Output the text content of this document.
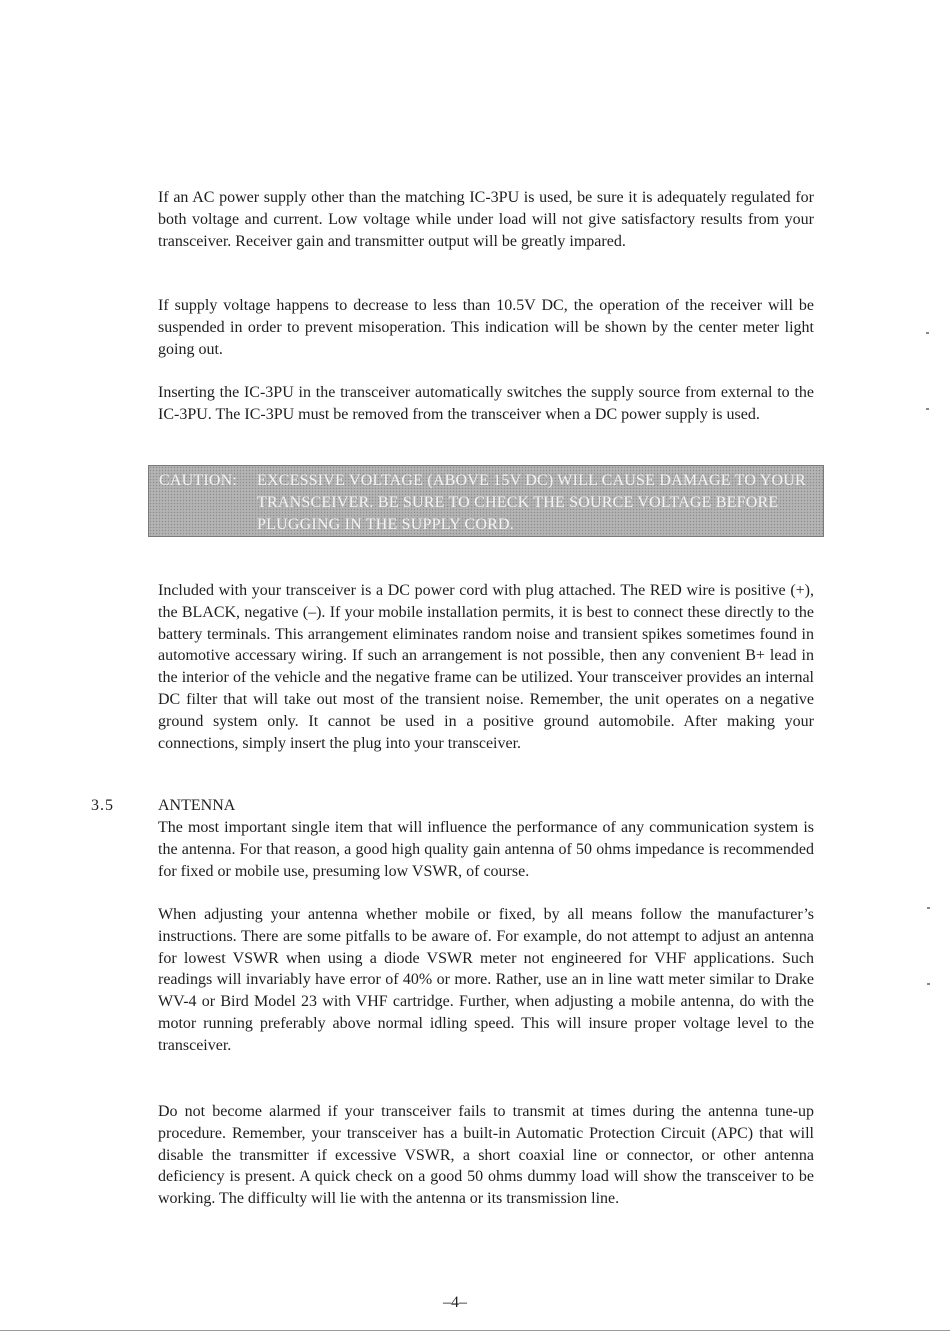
If an AC power supply other than the matching IC-3PU is used, be sure it is adequately regulated for both voltage and current. Low voltage while under load will not give satisfactory results from your transceiver. Receiver gain and transmitter output will be greatly impared.

If supply voltage happens to decrease to less than 10.5V DC, the operation of the receiver will be suspended in order to prevent misoperation. This indication will be shown by the center meter light going out.

Inserting the IC-3PU in the transceiver automatically switches the supply source from external to the IC-3PU. The IC-3PU must be removed from the transceiver when a DC power supply is used.

CAUTION: EXCESSIVE VOLTAGE (ABOVE 15V DC) WILL CAUSE DAMAGE TO YOUR TRANSCEIVER. BE SURE TO CHECK THE SOURCE VOLTAGE BEFORE PLUGGING IN THE SUPPLY CORD.

Included with your transceiver is a DC power cord with plug attached. The RED wire is positive (+), the BLACK, negative (–). If your mobile installation permits, it is best to connect these directly to the battery terminals. This arrangement eliminates random noise and transient spikes sometimes found in automotive accessary wiring. If such an arrangement is not possible, then any convenient B+ lead in the interior of the vehicle and the negative frame can be utilized. Your transceiver provides an internal DC filter that will take out most of the transient noise. Remember, the unit operates on a negative ground system only. It cannot be used in a positive ground automobile. After making your connections, simply insert the plug into your transceiver.

3.5	ANTENNA

The most important single item that will influence the performance of any communication system is the antenna. For that reason, a good high quality gain antenna of 50 ohms impedance is recommended for fixed or mobile use, presuming low VSWR, of course.

When adjusting your antenna whether mobile or fixed, by all means follow the manufacturer’s instructions. There are some pitfalls to be aware of. For example, do not attempt to adjust an antenna for lowest VSWR when using a diode VSWR meter not engineered for VHF applications. Such readings will invariably have error of 40% or more. Rather, use an in line watt meter similar to Drake WV-4 or Bird Model 23 with VHF cartridge. Further, when adjusting a mobile antenna, do with the motor running preferably above normal idling speed. This will insure proper voltage level to the transceiver.

Do not become alarmed if your transceiver fails to transmit at times during the antenna tune-up procedure. Remember, your transceiver has a built-in Automatic Protection Circuit (APC) that will disable the transmitter if excessive VSWR, a short coaxial line or connector, or other antenna deficiency is present. A quick check on a good 50 ohms dummy load will show the transceiver to be working. The difficulty will lie with the antenna or its transmission line.

–4–
